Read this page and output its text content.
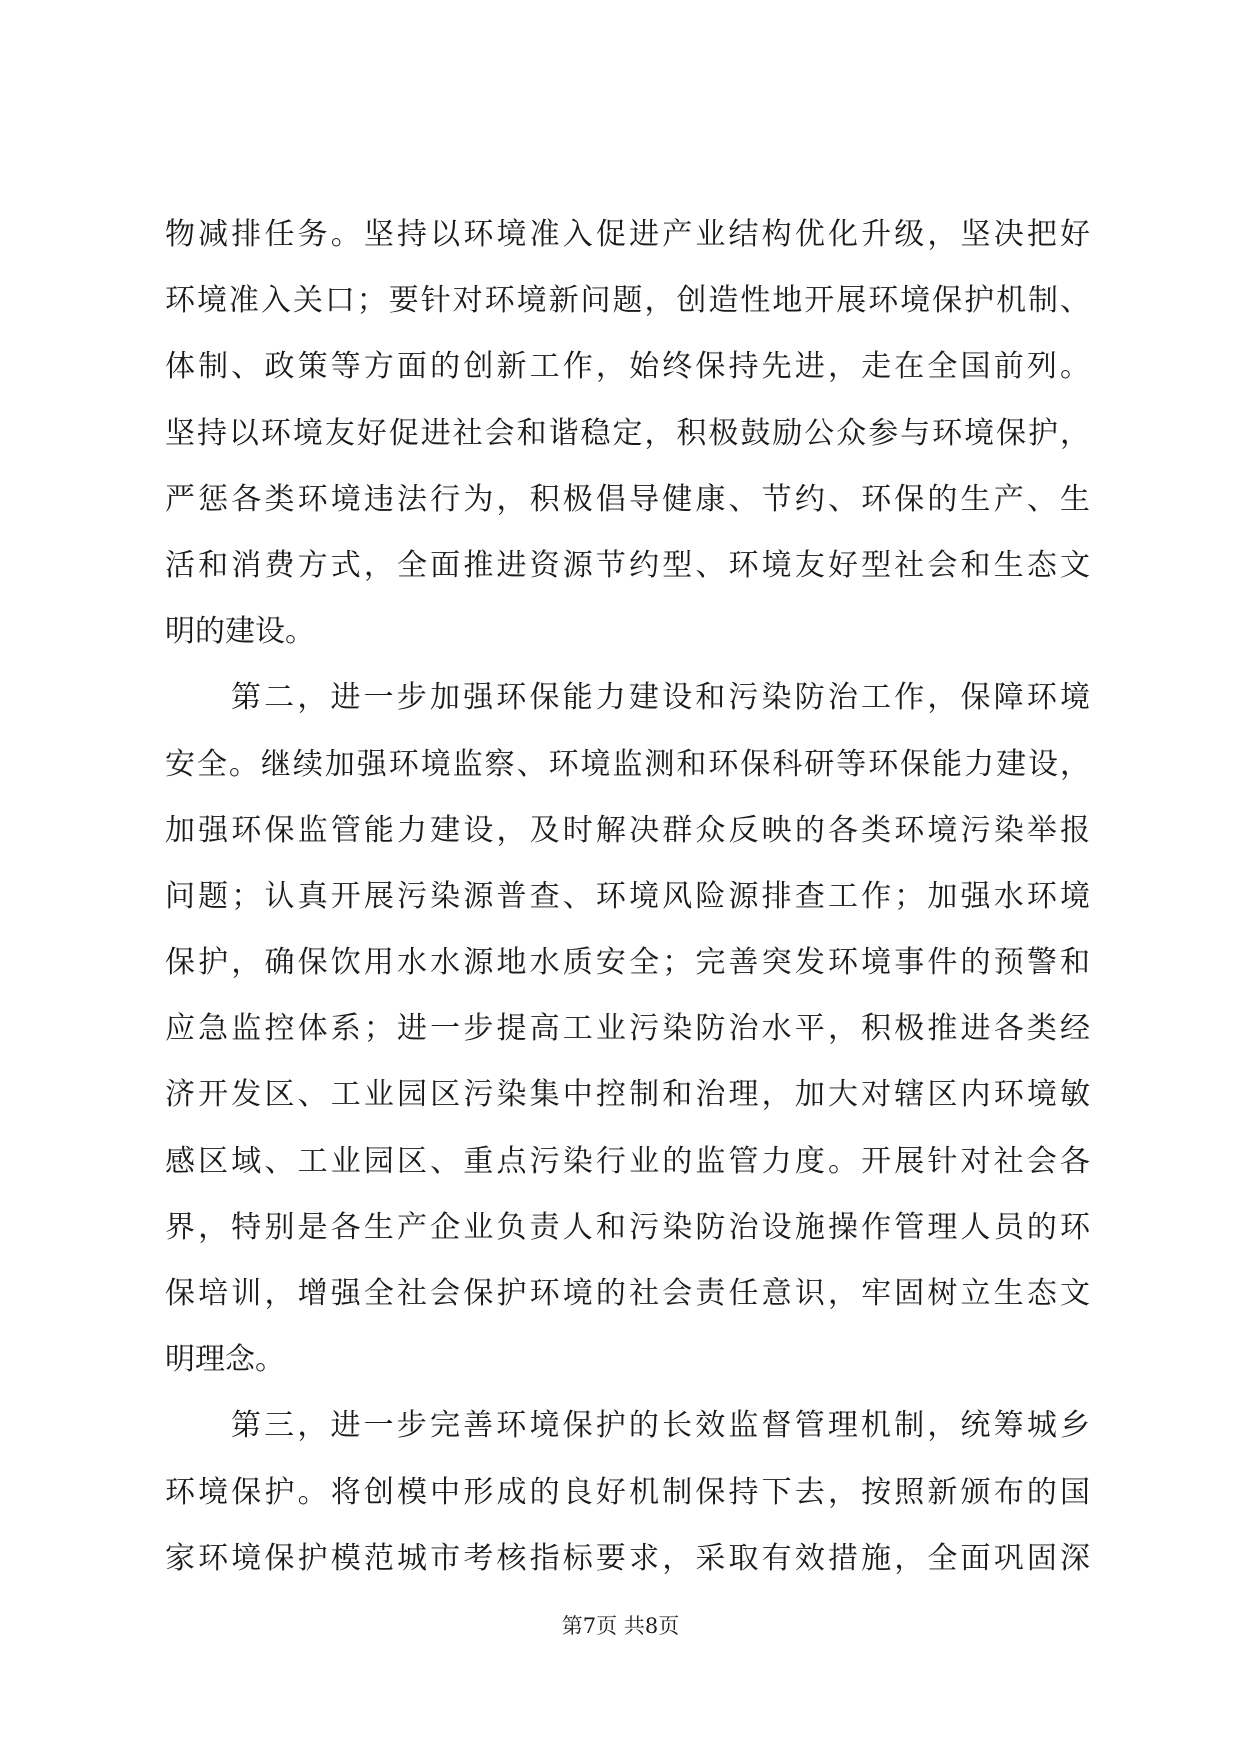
物减排任务。坚持以环境准入促进产业结构优化升级，坚决把好
环境准入关口；要针对环境新问题，创造性地开展环境保护机制、
体制、政策等方面的创新工作，始终保持先进，走在全国前列。
坚持以环境友好促进社会和谐稳定，积极鼓励公众参与环境保护，
严惩各类环境违法行为，积极倡导健康、节约、环保的生产、生
活和消费方式，全面推进资源节约型、环境友好型社会和生态文
明的建设。
第二，进一步加强环保能力建设和污染防治工作，保障环境
安全。继续加强环境监察、环境监测和环保科研等环保能力建设，
加强环保监管能力建设，及时解决群众反映的各类环境污染举报
问题；认真开展污染源普查、环境风险源排查工作；加强水环境
保护，确保饮用水水源地水质安全；完善突发环境事件的预警和
应急监控体系；进一步提高工业污染防治水平，积极推进各类经
济开发区、工业园区污染集中控制和治理，加大对辖区内环境敏
感区域、工业园区、重点污染行业的监管力度。开展针对社会各
界，特别是各生产企业负责人和污染防治设施操作管理人员的环
保培训，增强全社会保护环境的社会责任意识，牢固树立生态文
明理念。
第三，进一步完善环境保护的长效监督管理机制，统筹城乡
环境保护。将创模中形成的良好机制保持下去，按照新颁布的国
家环境保护模范城市考核指标要求，采取有效措施，全面巩固深
第7页 共8页
